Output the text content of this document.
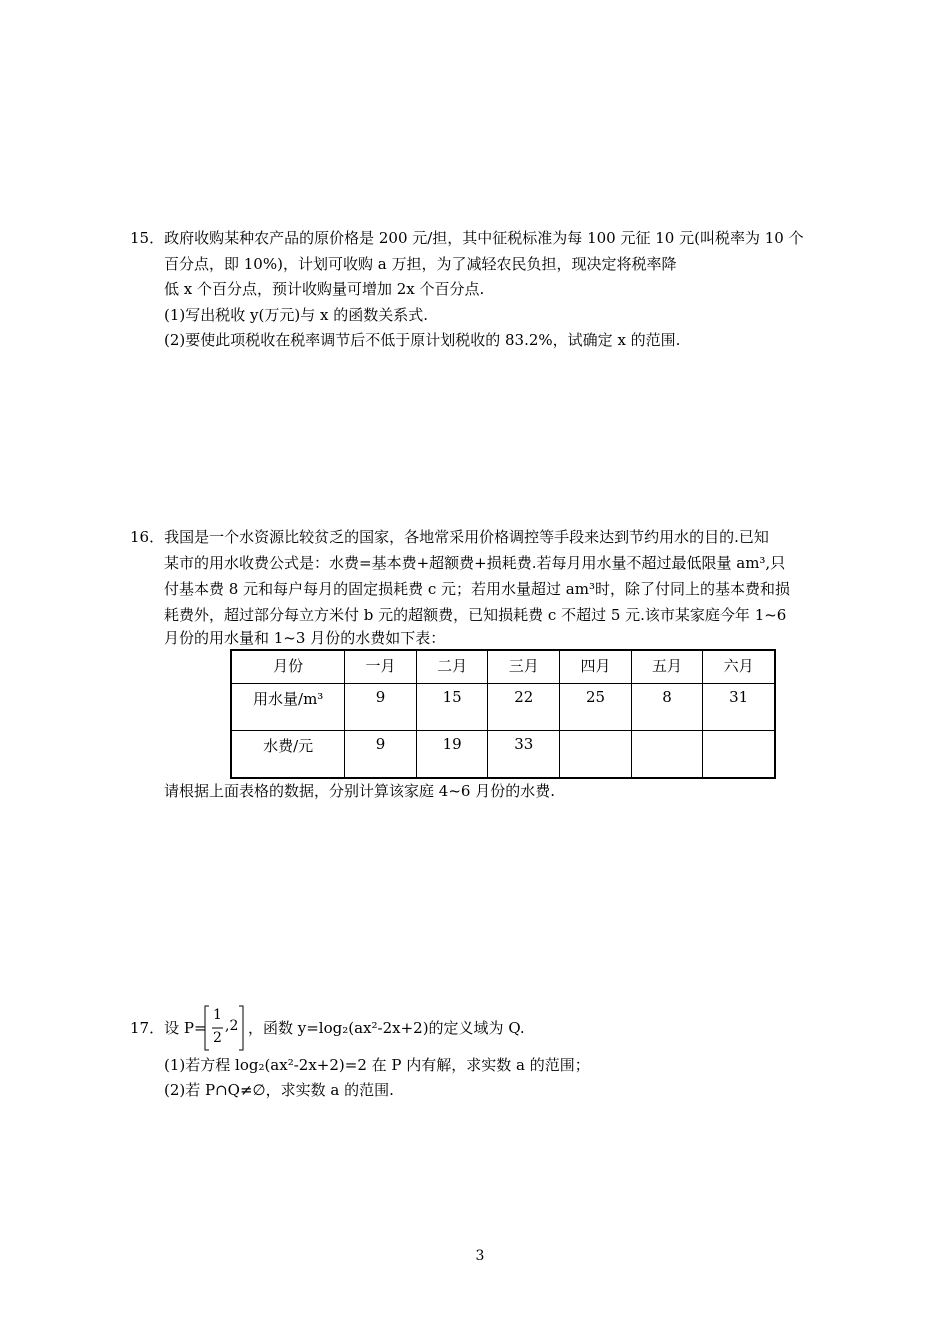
15．政府收购某种农产品的原价格是 200 元/担，其中征税标准为每 100 元征 10 元(叫税率为 10 个
百分点，即 10%)，计划可收购 a 万担，为了减轻农民负担，现决定将税率降
低 x 个百分点，预计收购量可增加 2x 个百分点.
(1)写出税收 y(万元)与 x 的函数关系式.
(2)要使此项税收在税率调节后不低于原计划税收的 83.2%，试确定 x 的范围.
16．我国是一个水资源比较贫乏的国家，各地常采用价格调控等手段来达到节约用水的目的.已知
某市的用水收费公式是：水费=基本费+超额费+损耗费.若每月用水量不超过最低限量 am³,只
付基本费 8 元和每户每月的固定损耗费 c 元；若用水量超过 am³时，除了付同上的基本费和损
耗费外，超过部分每立方米付 b 元的超额费，已知损耗费 c 不超过 5 元.该市某家庭今年 1~6
月份的用水量和 1~3 月份的水费如下表：
月份	一月	二月	三月	四月	五月	六月
用水量/m³	9	15	22	25	8	31
水费/元	9	19	33			
请根据上面表格的数据，分别计算该家庭 4~6 月份的水费.
17．设 P=
1
2
,2 ，函数 y=log₂(ax²-2x+2)的定义域为 Q.
(1)若方程 log₂(ax²-2x+2)=2 在 P 内有解，求实数 a 的范围；
(2)若 P∩Q≠∅，求实数 a 的范围.
3
